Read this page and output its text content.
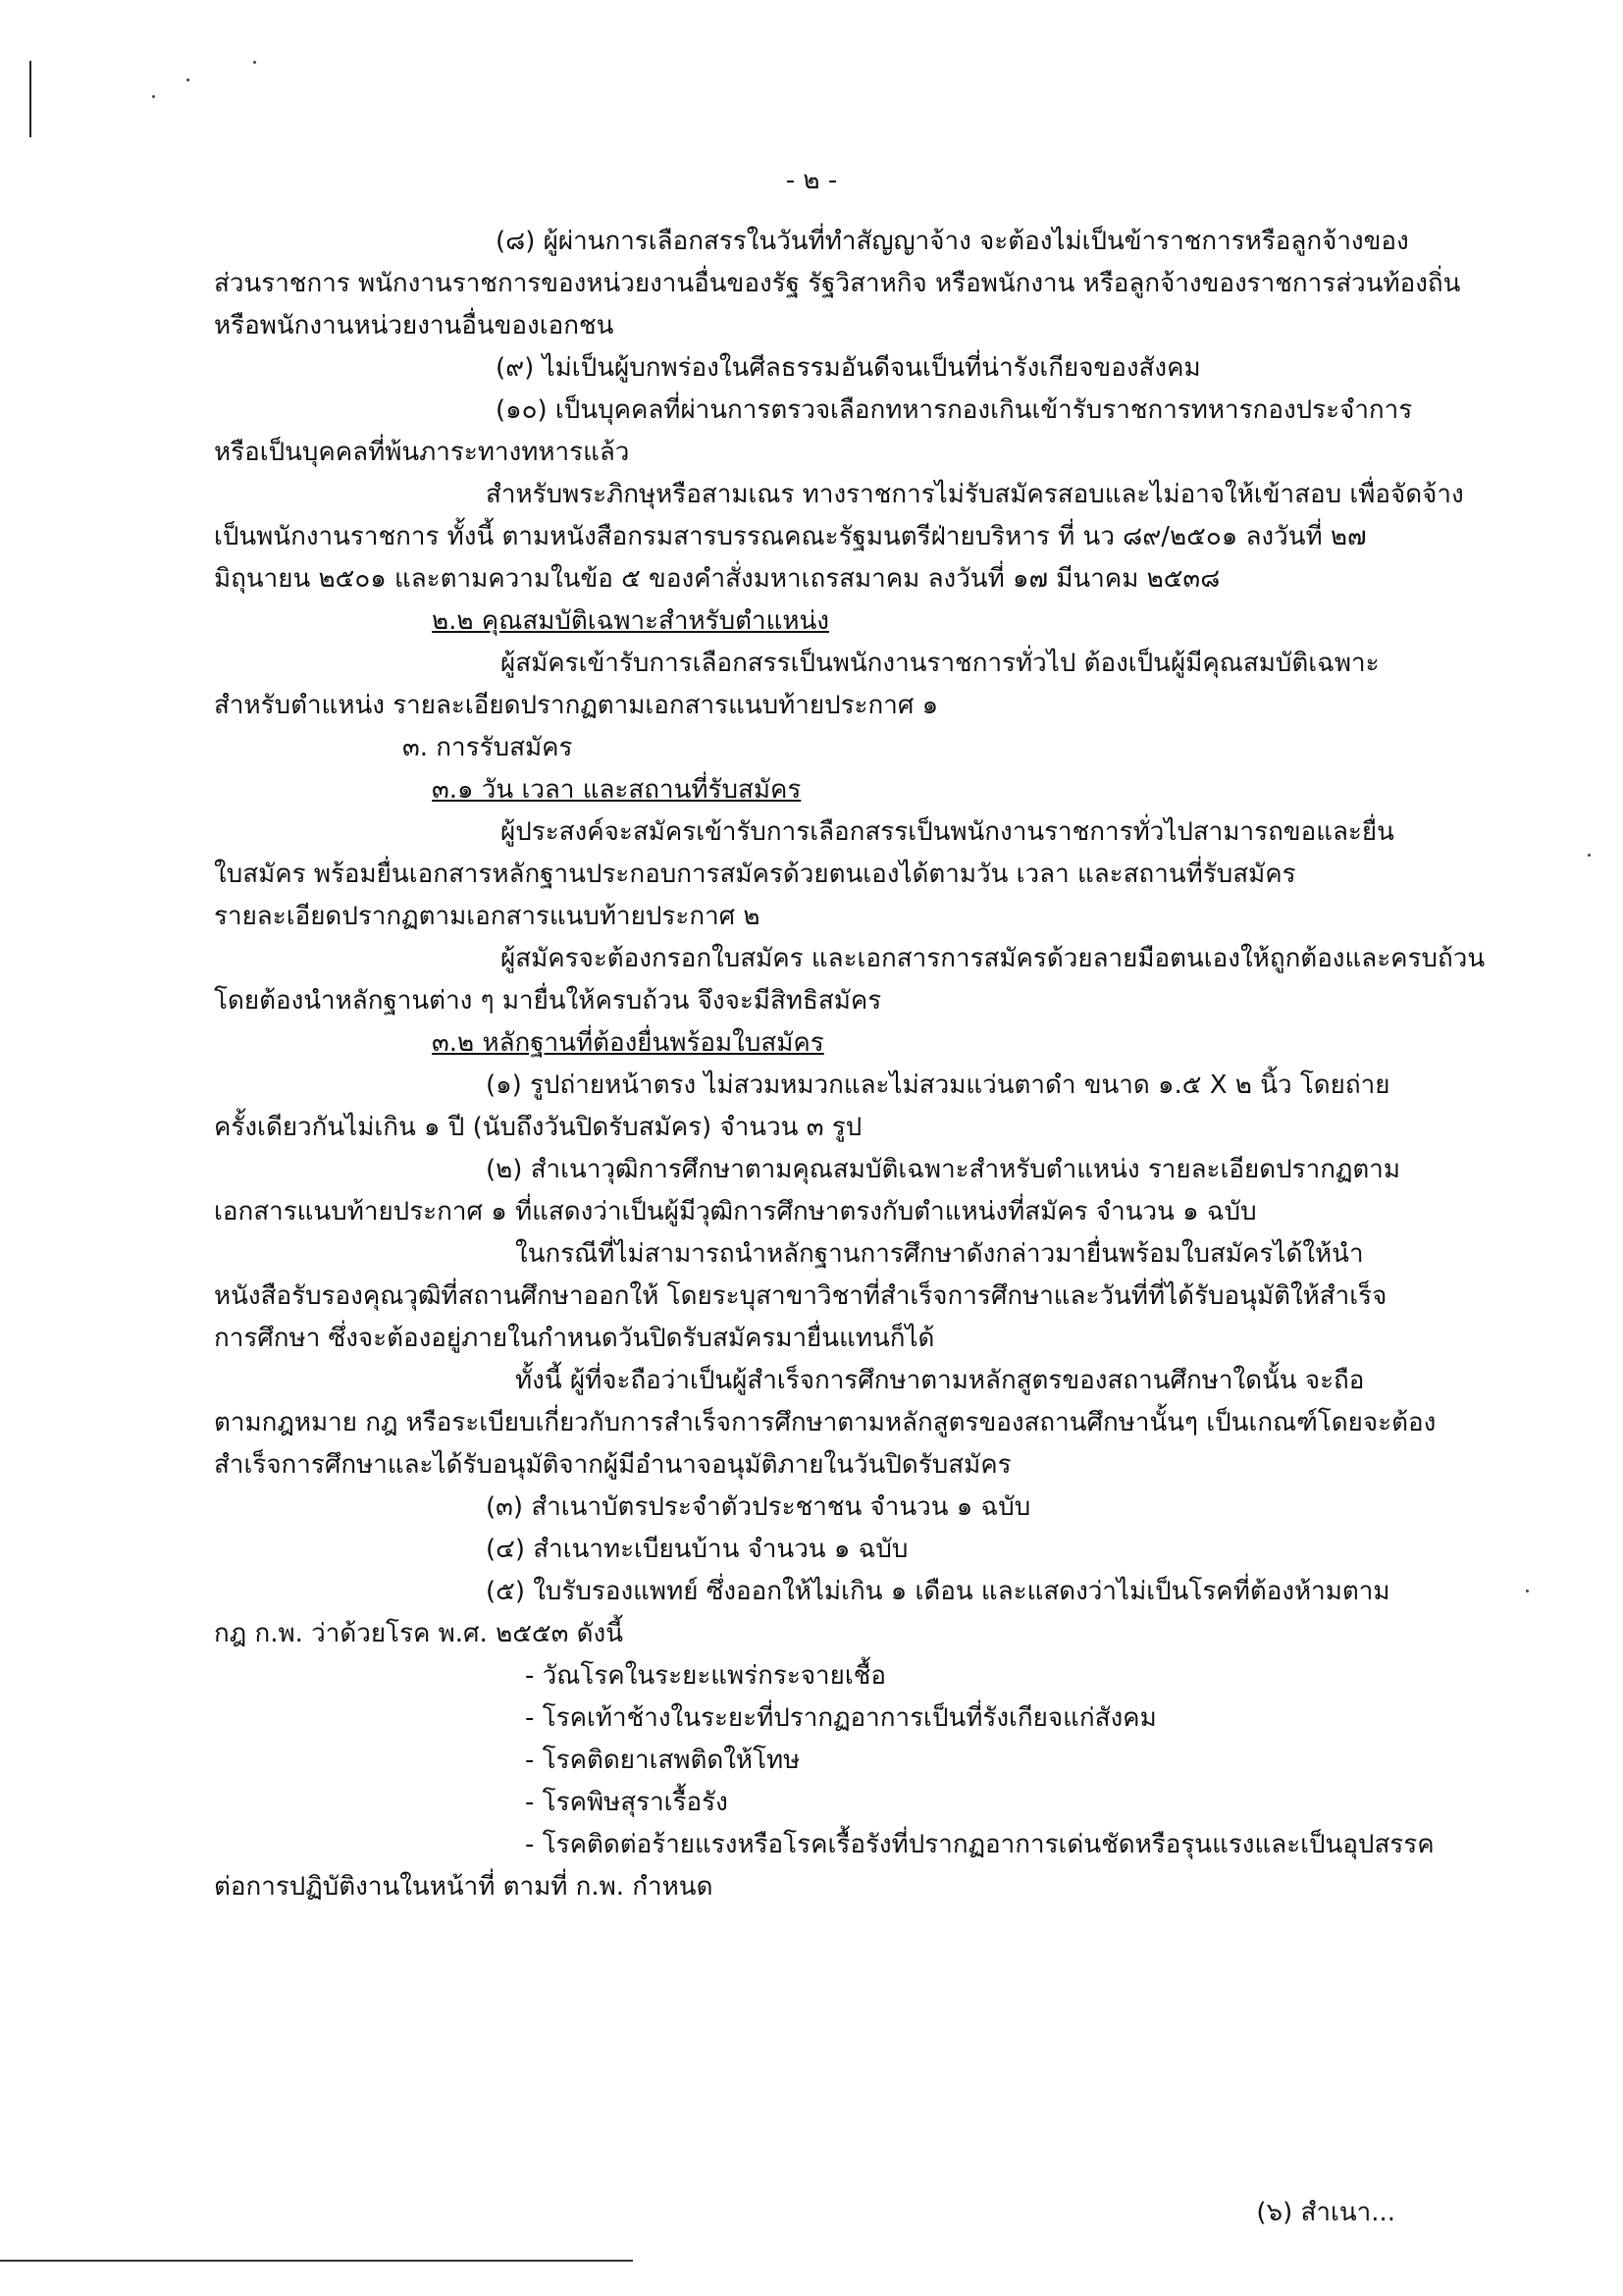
- ๒ -
(๘) ผู้ผ่านการเลือกสรรในวันที่ทำสัญญาจ้าง จะต้องไม่เป็นข้าราชการหรือลูกจ้างของ
ส่วนราชการ พนักงานราชการของหน่วยงานอื่นของรัฐ รัฐวิสาหกิจ หรือพนักงาน หรือลูกจ้างของราชการส่วนท้องถิ่น
หรือพนักงานหน่วยงานอื่นของเอกชน
(๙) ไม่เป็นผู้บกพร่องในศีลธรรมอันดีจนเป็นที่น่ารังเกียจของสังคม
(๑๐) เป็นบุคคลที่ผ่านการตรวจเลือกทหารกองเกินเข้ารับราชการทหารกองประจำการ
หรือเป็นบุคคลที่พ้นภาระทางทหารแล้ว
สำหรับพระภิกษุหรือสามเณร ทางราชการไม่รับสมัครสอบและไม่อาจให้เข้าสอบ เพื่อจัดจ้าง
เป็นพนักงานราชการ ทั้งนี้ ตามหนังสือกรมสารบรรณคณะรัฐมนตรีฝ่ายบริหาร ที่ นว ๘๙/๒๕๐๑ ลงวันที่ ๒๗
มิถุนายน ๒๕๐๑ และตามความในข้อ ๕ ของคำสั่งมหาเถรสมาคม ลงวันที่ ๑๗ มีนาคม ๒๕๓๘
๒.๒ คุณสมบัติเฉพาะสำหรับตำแหน่ง
ผู้สมัครเข้ารับการเลือกสรรเป็นพนักงานราชการทั่วไป ต้องเป็นผู้มีคุณสมบัติเฉพาะ
สำหรับตำแหน่ง รายละเอียดปรากฏตามเอกสารแนบท้ายประกาศ ๑
๓. การรับสมัคร
๓.๑ วัน เวลา และสถานที่รับสมัคร
ผู้ประสงค์จะสมัครเข้ารับการเลือกสรรเป็นพนักงานราชการทั่วไปสามารถขอและยื่น
ใบสมัคร พร้อมยื่นเอกสารหลักฐานประกอบการสมัครด้วยตนเองได้ตามวัน เวลา และสถานที่รับสมัคร
รายละเอียดปรากฏตามเอกสารแนบท้ายประกาศ ๒
ผู้สมัครจะต้องกรอกใบสมัคร และเอกสารการสมัครด้วยลายมือตนเองให้ถูกต้องและครบถ้วน
โดยต้องนำหลักฐานต่าง ๆ มายื่นให้ครบถ้วน จึงจะมีสิทธิสมัคร
๓.๒ หลักฐานที่ต้องยื่นพร้อมใบสมัคร
(๑) รูปถ่ายหน้าตรง ไม่สวมหมวกและไม่สวมแว่นตาดำ ขนาด ๑.๕ X ๒ นิ้ว โดยถ่าย
ครั้งเดียวกันไม่เกิน ๑ ปี (นับถึงวันปิดรับสมัคร) จำนวน ๓ รูป
(๒) สำเนาวุฒิการศึกษาตามคุณสมบัติเฉพาะสำหรับตำแหน่ง รายละเอียดปรากฏตาม
เอกสารแนบท้ายประกาศ ๑ ที่แสดงว่าเป็นผู้มีวุฒิการศึกษาตรงกับตำแหน่งที่สมัคร จำนวน ๑ ฉบับ
ในกรณีที่ไม่สามารถนำหลักฐานการศึกษาดังกล่าวมายื่นพร้อมใบสมัครได้ให้นำ
หนังสือรับรองคุณวุฒิที่สถานศึกษาออกให้ โดยระบุสาขาวิชาที่สำเร็จการศึกษาและวันที่ที่ได้รับอนุมัติให้สำเร็จ
การศึกษา ซึ่งจะต้องอยู่ภายในกำหนดวันปิดรับสมัครมายื่นแทนก็ได้
ทั้งนี้ ผู้ที่จะถือว่าเป็นผู้สำเร็จการศึกษาตามหลักสูตรของสถานศึกษาใดนั้น จะถือ
ตามกฎหมาย กฎ หรือระเบียบเกี่ยวกับการสำเร็จการศึกษาตามหลักสูตรของสถานศึกษานั้นๆ เป็นเกณฑ์โดยจะต้อง
สำเร็จการศึกษาและได้รับอนุมัติจากผู้มีอำนาจอนุมัติภายในวันปิดรับสมัคร
(๓) สำเนาบัตรประจำตัวประชาชน จำนวน ๑ ฉบับ
(๔) สำเนาทะเบียนบ้าน จำนวน ๑ ฉบับ
(๕) ใบรับรองแพทย์ ซึ่งออกให้ไม่เกิน ๑ เดือน และแสดงว่าไม่เป็นโรคที่ต้องห้ามตาม
กฎ ก.พ. ว่าด้วยโรค พ.ศ. ๒๕๕๓ ดังนี้
- วัณโรคในระยะแพร่กระจายเชื้อ
- โรคเท้าช้างในระยะที่ปรากฏอาการเป็นที่รังเกียจแก่สังคม
- โรคติดยาเสพติดให้โทษ
- โรคพิษสุราเรื้อรัง
- โรคติดต่อร้ายแรงหรือโรคเรื้อรังที่ปรากฏอาการเด่นชัดหรือรุนแรงและเป็นอุปสรรค
ต่อการปฏิบัติงานในหน้าที่ ตามที่ ก.พ. กำหนด
(๖) สำเนา...
